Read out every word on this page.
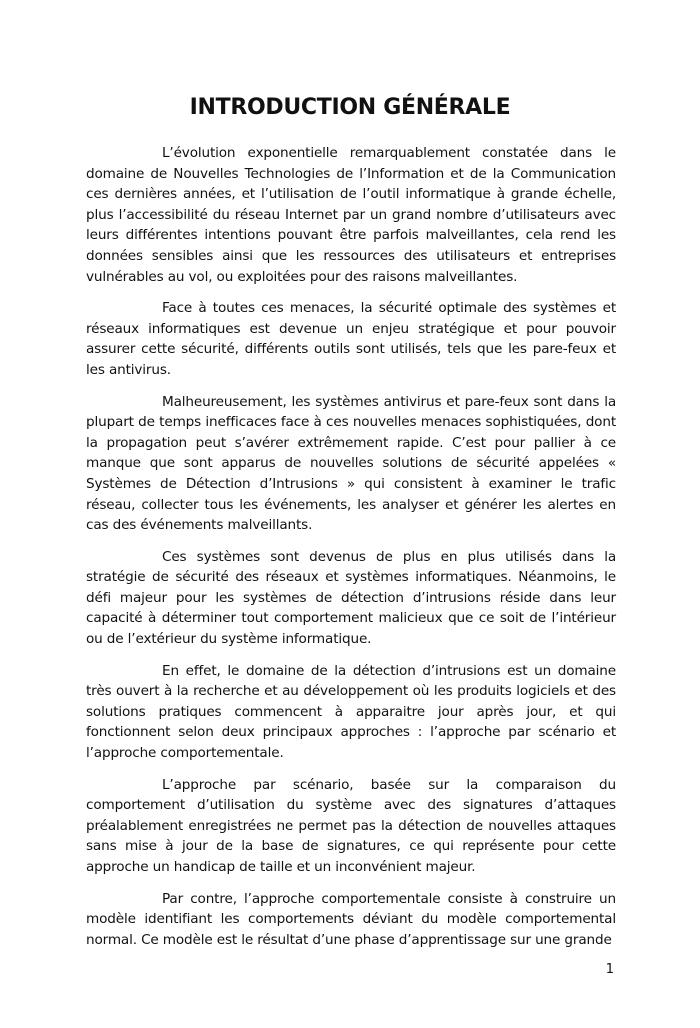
INTRODUCTION GÉNÉRALE

L’évolution exponentielle remarquablement constatée dans le domaine de Nouvelles Technologies de l’Information et de la Communication ces dernières années, et l’utilisation de l’outil informatique à grande échelle, plus l’accessibilité du réseau Internet par un grand nombre d’utilisateurs avec leurs différentes intentions pouvant être parfois malveillantes, cela rend les données sensibles ainsi que les ressources des utilisateurs et entreprises vulnérables au vol, ou exploitées pour des raisons malveillantes.

Face à toutes ces menaces, la sécurité optimale des systèmes et réseaux informatiques est devenue un enjeu stratégique et pour pouvoir assurer cette sécurité, différents outils sont utilisés, tels que les pare-feux et les antivirus.

Malheureusement, les systèmes antivirus et pare-feux sont dans la plupart de temps inefficaces face à ces nouvelles menaces sophistiquées, dont la propagation peut s’avérer extrêmement rapide. C’est pour pallier à ce manque que sont apparus de nouvelles solutions de sécurité appelées « Systèmes de Détection d’Intrusions » qui consistent à examiner le trafic réseau, collecter tous les événements, les analyser et générer les alertes en cas des événements malveillants.

Ces systèmes sont devenus de plus en plus utilisés dans la stratégie de sécurité des réseaux et systèmes informatiques. Néanmoins, le défi majeur pour les systèmes de détection d’intrusions réside dans leur capacité à déterminer tout comportement malicieux que ce soit de l’intérieur ou de l’extérieur du système informatique.

En effet, le domaine de la détection d’intrusions est un domaine très ouvert à la recherche et au développement où les produits logiciels et des solutions pratiques commencent à apparaitre jour après jour, et qui fonctionnent selon deux principaux approches : l’approche par scénario et l’approche comportementale.

L’approche par scénario, basée sur la comparaison du comportement d’utilisation du système avec des signatures d’attaques préalablement enregistrées ne permet pas la détection de nouvelles attaques sans mise à jour de la base de signatures, ce qui représente pour cette approche un handicap de taille et un inconvénient majeur.

Par contre, l’approche comportementale consiste à construire un modèle identifiant les comportements déviant du modèle comportemental normal. Ce modèle est le résultat d’une phase d’apprentissage sur une grande

1
